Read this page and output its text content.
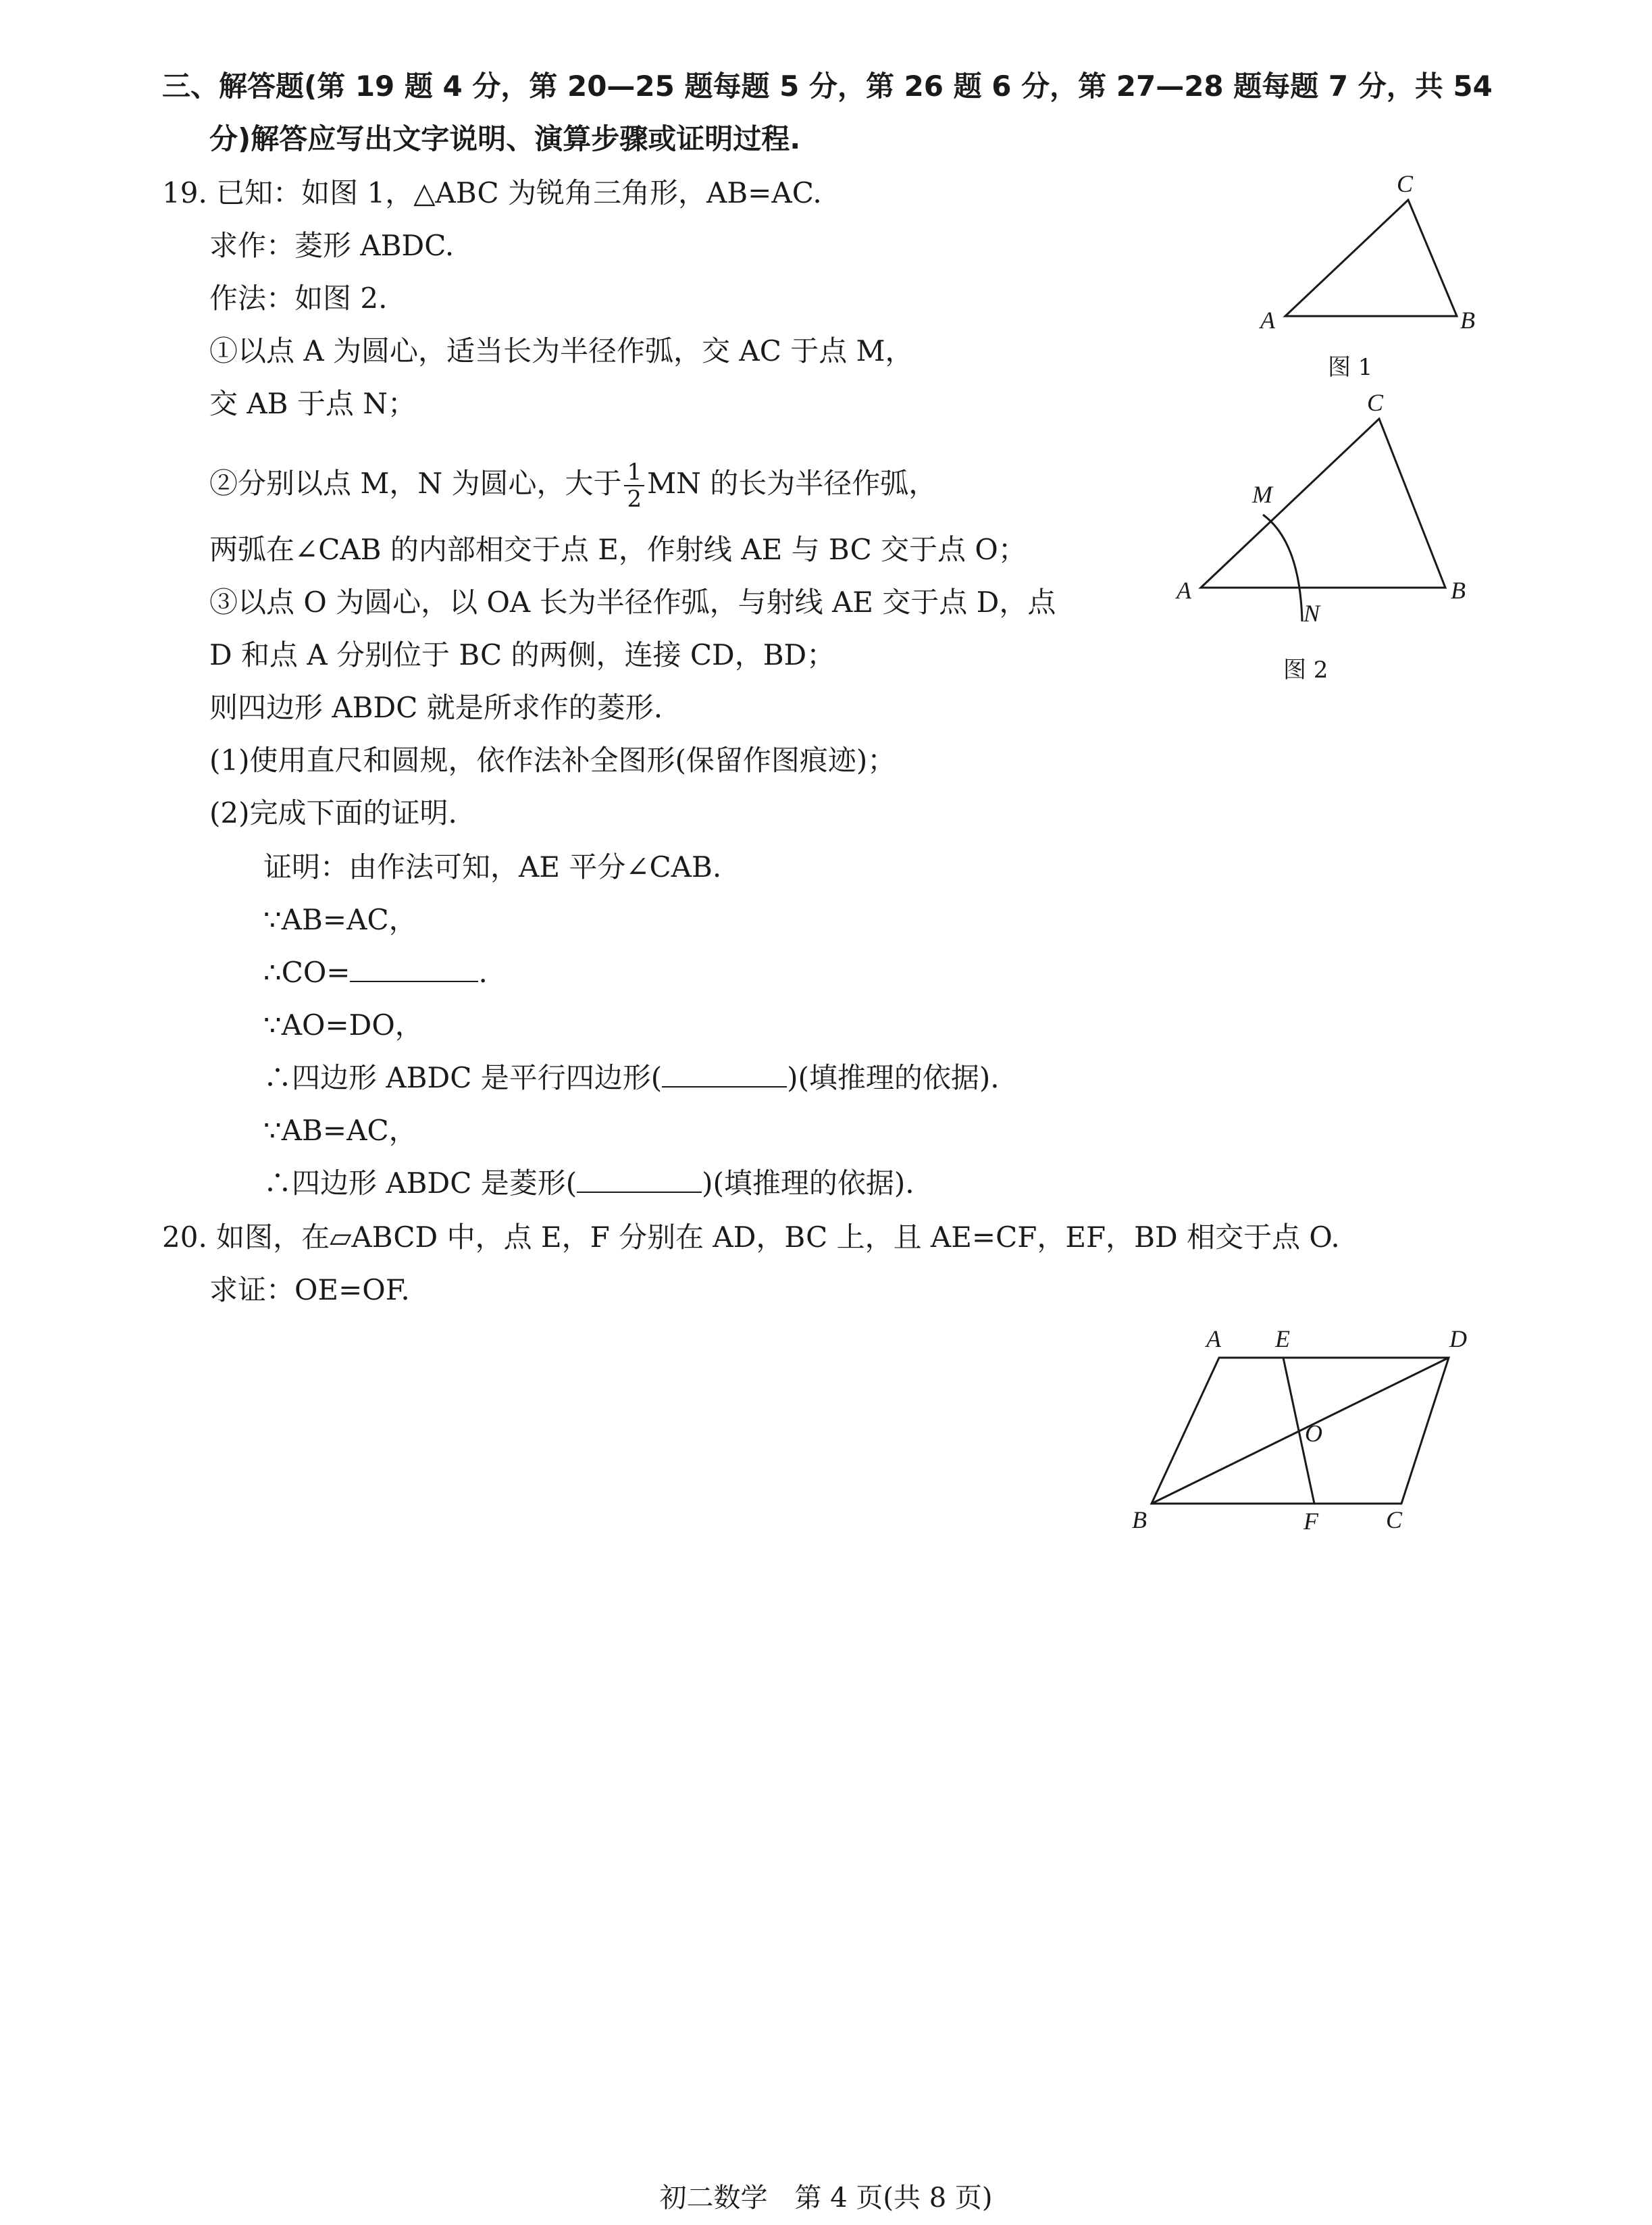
三、解答题(第 19 题 4 分，第 20—25 题每题 5 分，第 26 题 6 分，第 27—28 题每题 7 分，共 54
分)解答应写出文字说明、演算步骤或证明过程.
19. 已知：如图 1，△ABC 为锐角三角形，AB=AC.
求作：菱形 ABDC.
作法：如图 2.
①以点 A 为圆心，适当长为半径作弧，交 AC 于点 M，
交 AB 于点 N；
②分别以点 M，N 为圆心，大于 $\frac{1}{2}$ MN 的长为半径作弧，
两弧在∠CAB 的内部相交于点 E，作射线 AE 与 BC 交于点 O；
③以点 O 为圆心，以 OA 长为半径作弧，与射线 AE 交于点 D，点
D 和点 A 分别位于 BC 的两侧，连接 CD，BD；
则四边形 ABDC 就是所求作的菱形.
(1)使用直尺和圆规，依作法补全图形(保留作图痕迹)；
(2)完成下面的证明.
证明：由作法可知，AE 平分∠CAB.
∵AB=AC，
∴CO=	.
∵AO=DO，
∴四边形 ABDC 是平行四边形(	)(填推理的依据).
∵AB=AC，
∴四边形 ABDC 是菱形(	)(填推理的依据).
20. 如图，在▱ABCD 中，点 E，F 分别在 AD，BC 上，且 AE=CF，EF，BD 相交于点 O.
求证：OE=OF.
A	B
C
图 1
A	B
C
M
N
图 2
A E	D
O
B	F	C
初二数学　第 4 页(共 8 页)
